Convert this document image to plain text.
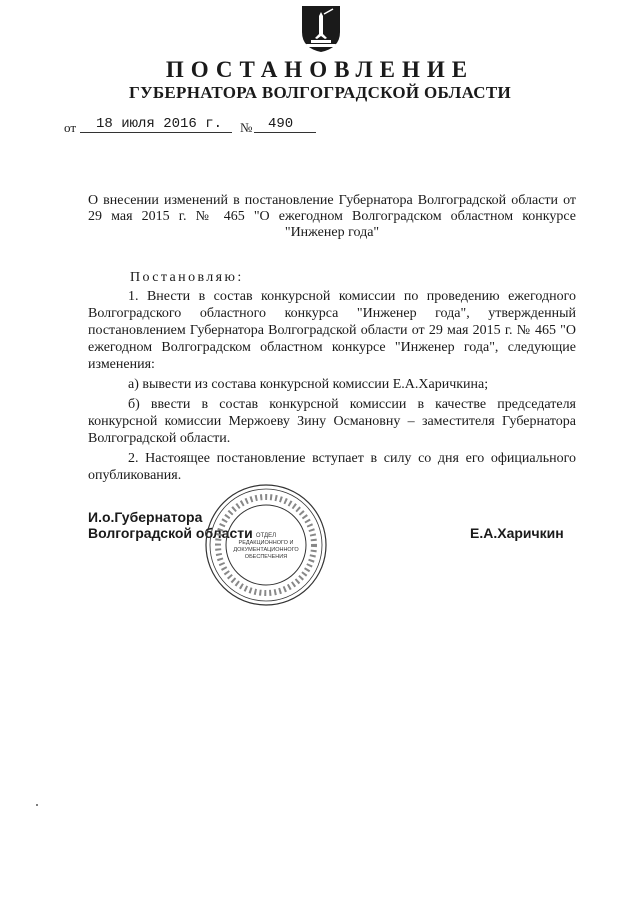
ПОСТАНОВЛЕНИЕ
ГУБЕРНАТОРА ВОЛГОГРАДСКОЙ ОБЛАСТИ
от 18 июля 2016 г. № 490
О внесении изменений в постановление Губернатора Волгоградской области от 29 мая 2015 г. № 465 "О ежегодном Волгоградском областном конкурсе "Инженер года"
Постановляю:

1. Внести в состав конкурсной комиссии по проведению ежегодного Волгоградского областного конкурса "Инженер года", утвержденный постановлением Губернатора Волгоградской области от 29 мая 2015 г. № 465 "О ежегодном Волгоградском областном конкурсе "Инженер года", следующие изменения:

а) вывести из состава конкурсной комиссии Е.А.Харичкина;

б) ввести в состав конкурсной комиссии в качестве председателя конкурсной комиссии Мержоеву Зину Османовну – заместителя Губернатора Волгоградской области.

2. Настоящее постановление вступает в силу со дня его официального опубликования.

И.о.Губернатора
Волгоградской области	Е.А.Харичкин
ОТДЕЛ
РЕДАКЦИОННОГО И
ДОКУМЕНТАЦИОННОГО
ОБЕСПЕЧЕНИЯ
